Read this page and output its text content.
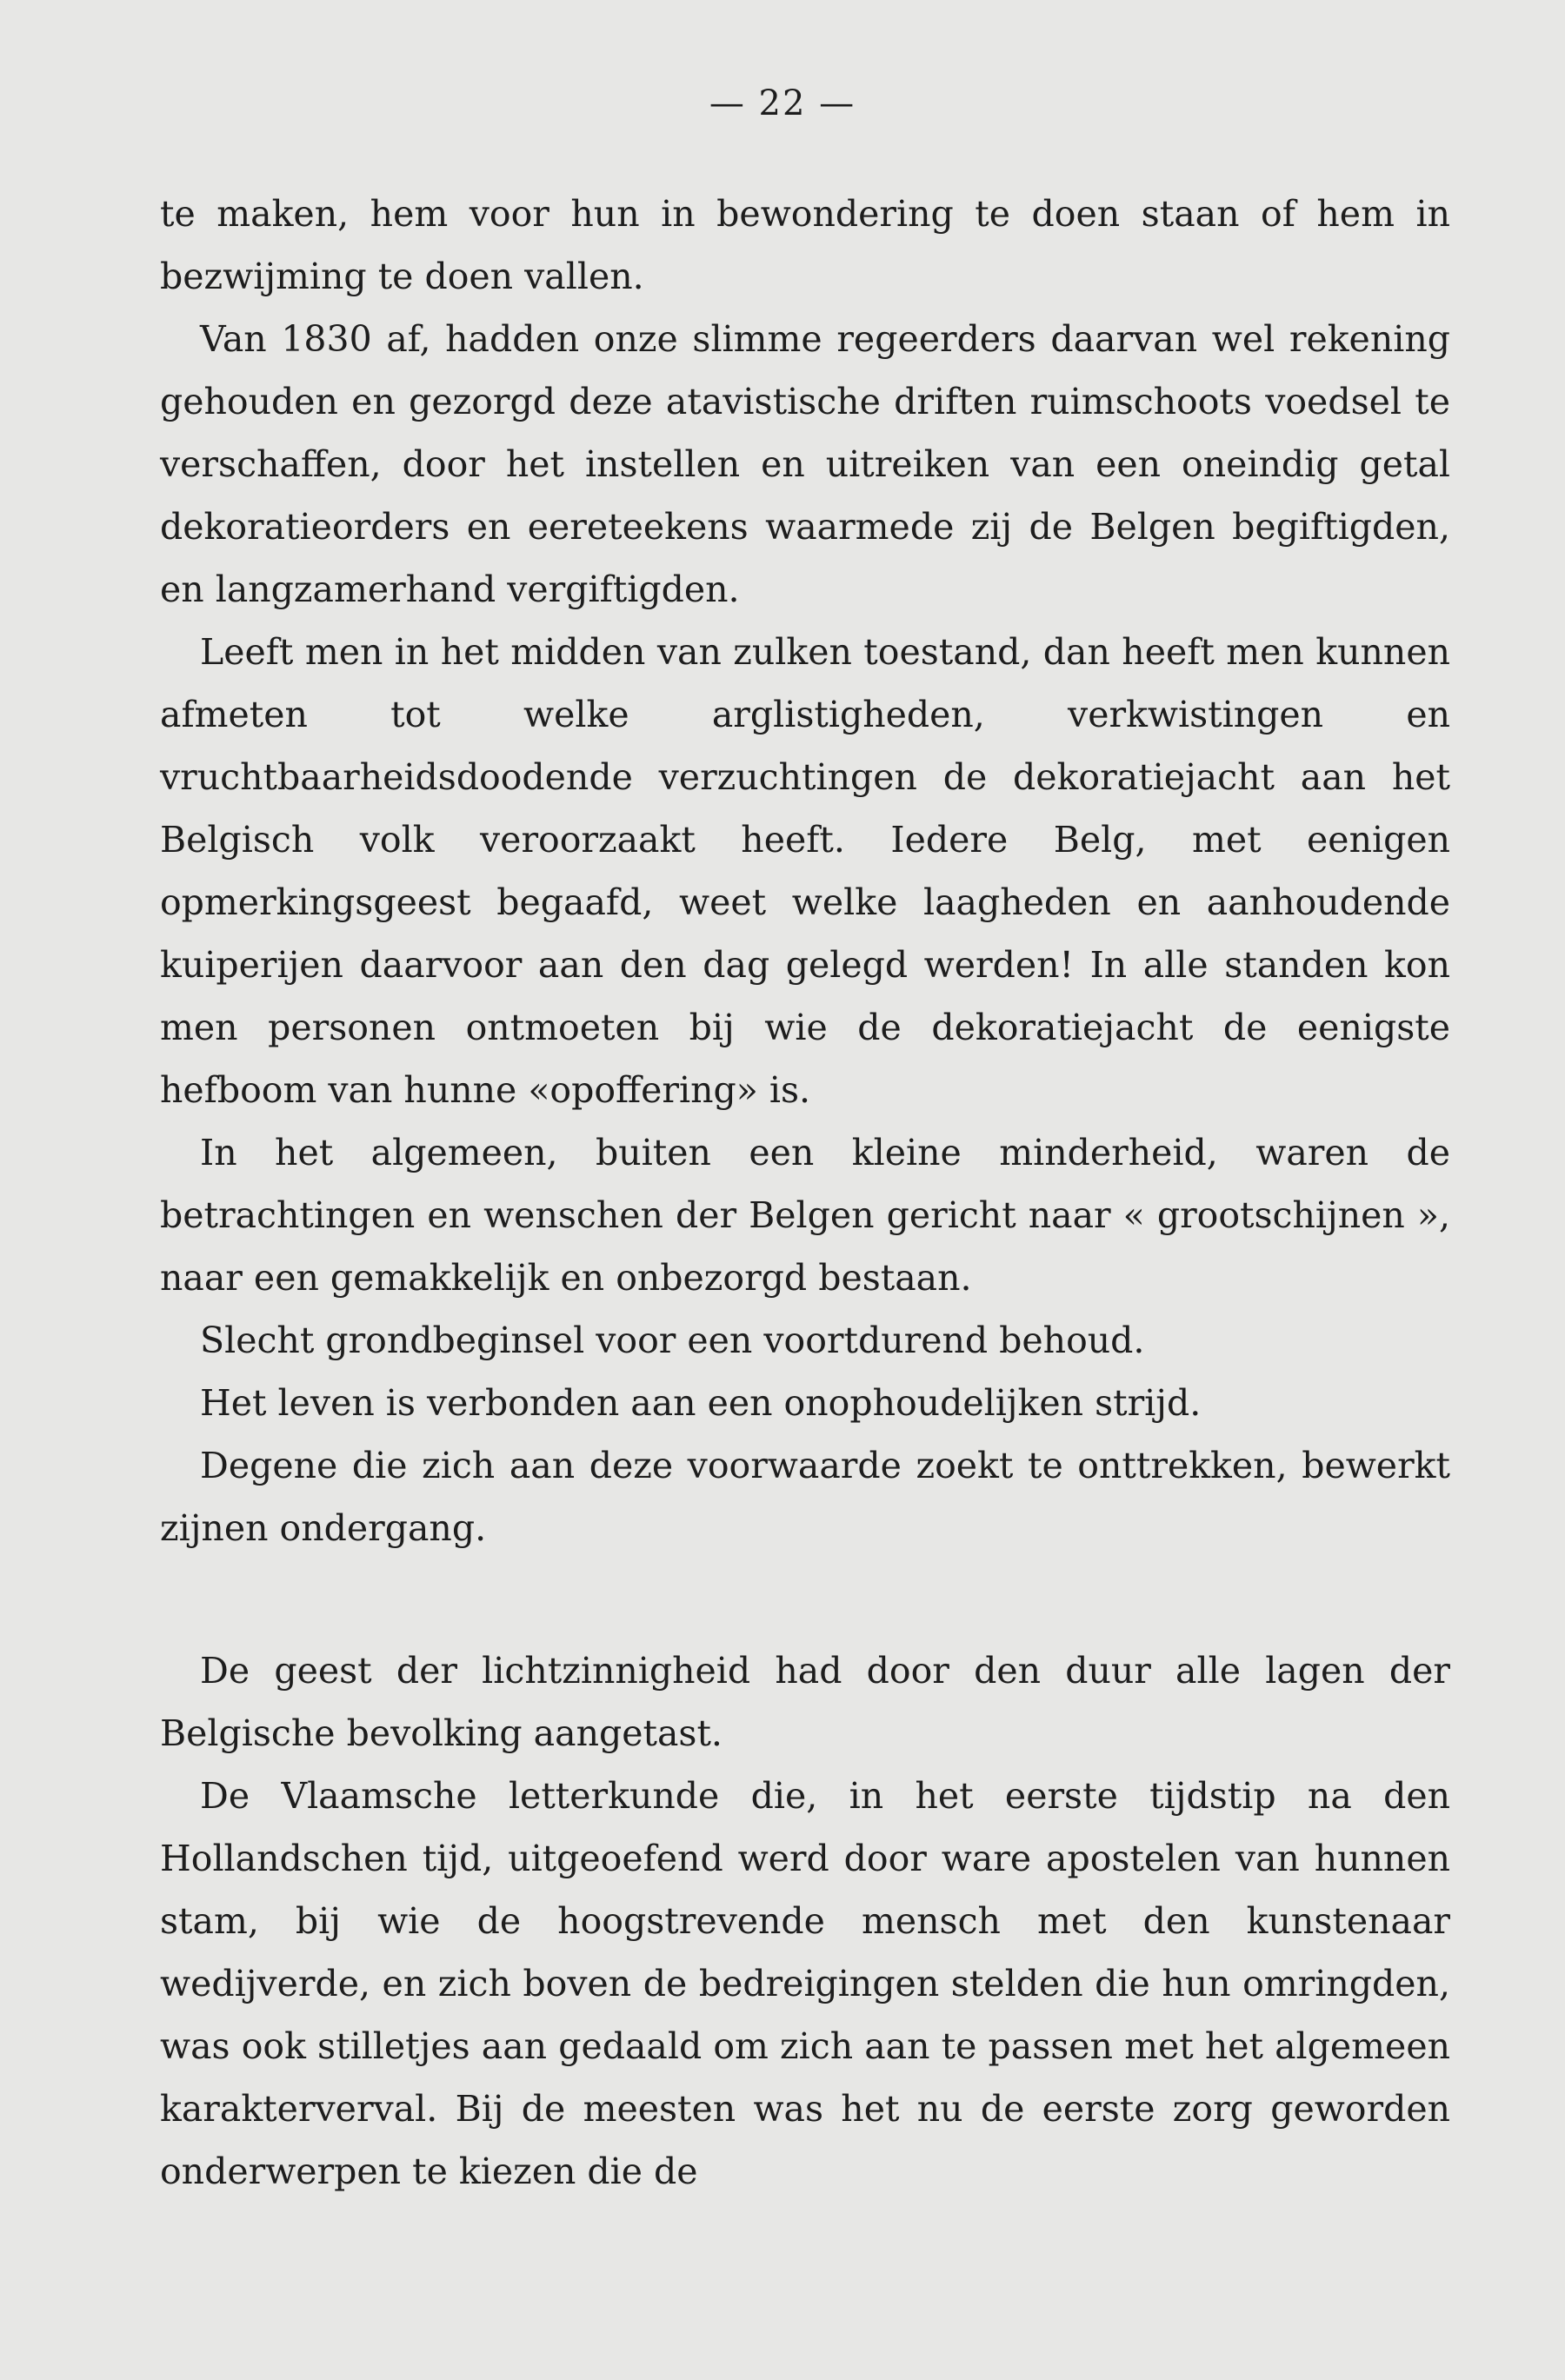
— 22 —

te maken, hem voor hun in bewondering te doen staan of hem in bezwijming te doen vallen.

Van 1830 af, hadden onze slimme regeerders daarvan wel rekening gehouden en gezorgd deze atavistische driften ruimschoots voedsel te verschaffen, door het instellen en uitreiken van een oneindig getal dekoratieorders en eereteekens waarmede zij de Belgen begiftigden, en langzamerhand vergiftigden.

Leeft men in het midden van zulken toestand, dan heeft men kunnen afmeten tot welke arglistigheden, verkwistingen en vruchtbaarheidsdoodende verzuchtingen de dekoratiejacht aan het Belgisch volk veroorzaakt heeft. Iedere Belg, met eenigen opmerkingsgeest begaafd, weet welke laagheden en aanhoudende kuiperijen daarvoor aan den dag gelegd werden! In alle standen kon men personen ontmoeten bij wie de dekoratiejacht de eenigste hefboom van hunne «opoffering» is.

In het algemeen, buiten een kleine minderheid, waren de betrachtingen en wenschen der Belgen gericht naar « grootschijnen », naar een gemakkelijk en onbezorgd bestaan.

Slecht grondbeginsel voor een voortdurend behoud.

Het leven is verbonden aan een onophoudelijken strijd.

Degene die zich aan deze voorwaarde zoekt te onttrekken, bewerkt zijnen ondergang.

De geest der lichtzinnigheid had door den duur alle lagen der Belgische bevolking aangetast.

De Vlaamsche letterkunde die, in het eerste tijdstip na den Hollandschen tijd, uitgeoefend werd door ware apostelen van hunnen stam, bij wie de hoogstrevende mensch met den kunstenaar wedijverde, en zich boven de bedreigingen stelden die hun omringden, was ook stilletjes aan gedaald om zich aan te passen met het algemeen karakterverval. Bij de meesten was het nu de eerste zorg geworden onderwerpen te kiezen die de
